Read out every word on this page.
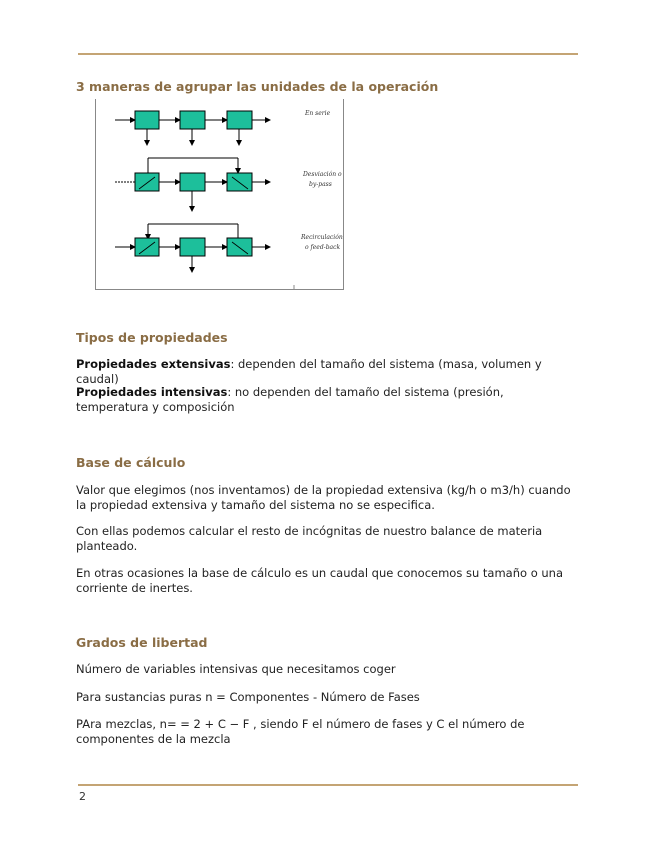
3 maneras de agrupar las unidades de la operación
En serie
Desviación o
by-pass
Recirculación
o feed-back
Tipos de propiedades

Propiedades extensivas: dependen del tamaño del sistema (masa, volumen y caudal)

Propiedades intensivas: no dependen del tamaño del sistema (presión, temperatura y composición

Base de cálculo

Valor que elegimos (nos inventamos) de la propiedad extensiva (kg/h o m3/h) cuando la propiedad extensiva y tamaño del sistema no se especifica.

Con ellas podemos calcular el resto de incógnitas de nuestro balance de materia planteado.

En otras ocasiones la base de cálculo es un caudal que conocemos su tamaño o una corriente de inertes.

Grados de libertad

Número de variables intensivas que necesitamos coger

Para sustancias puras n = Componentes - Número de Fases

PAra mezclas, n= = 2 + C − F , siendo F el número de fases y C el número de componentes de la mezcla

2
